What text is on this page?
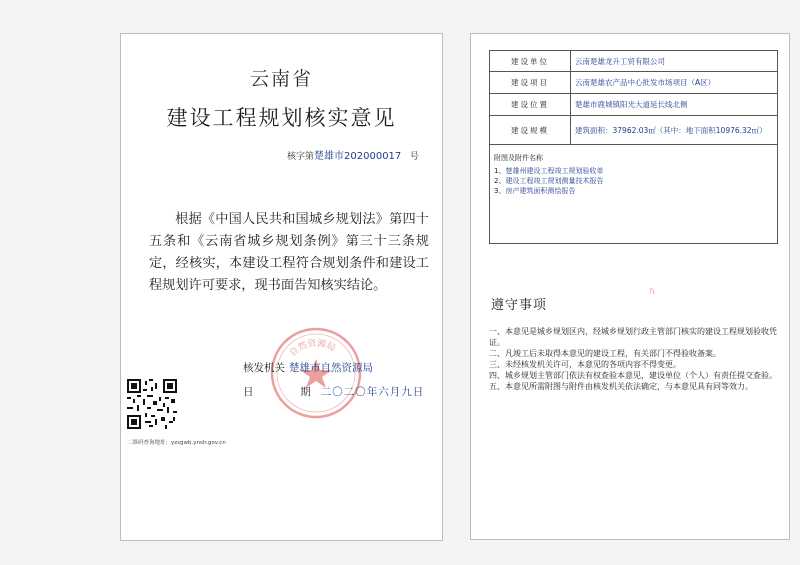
云南省
建设工程规划核实意见
核字第楚雄市202000017 号
根据《中国人民共和国城乡规划法》第四十五条和《云南省城乡规划条例》第三十三条规定，经核实，本建设工程符合规划条件和建设工程规划许可要求，现书面告知核实结论。
自然资源局
核发机关 楚雄市自然资源局
日	期 二〇二〇年六月九日
二维码查询地址：yzsgwb.ynslr.gov.cn
建设单位	云南楚雄龙升工贸有限公司
建设项目	云南楚雄农产品中心批发市场项目（A区）
建设位置	楚雄市鹿城镇阳光大道延长线北侧
建设规模	建筑面积：37962.03㎡（其中：地下面积10976.32㎡）

附图及附件名称
1、楚雄州建设工程竣工规划验收单
2、建设工程竣工规划测量技术报告
3、房产建筑面积测绘报告	
ﾊ
遵守事项
一、本意见是城乡规划区内，经城乡规划行政主管部门核实的建设工程规划验收凭证。
二、凡竣工后未取得本意见的建设工程，有关部门不得验收备案。
三、未经核发机关许可，本意见的各项内容不得变更。
四、城乡规划主管部门依法有权查验本意见，建设单位（个人）有责任提交查验。
五、本意见所需附图与附件由核发机关依法确定，与本意见具有同等效力。
